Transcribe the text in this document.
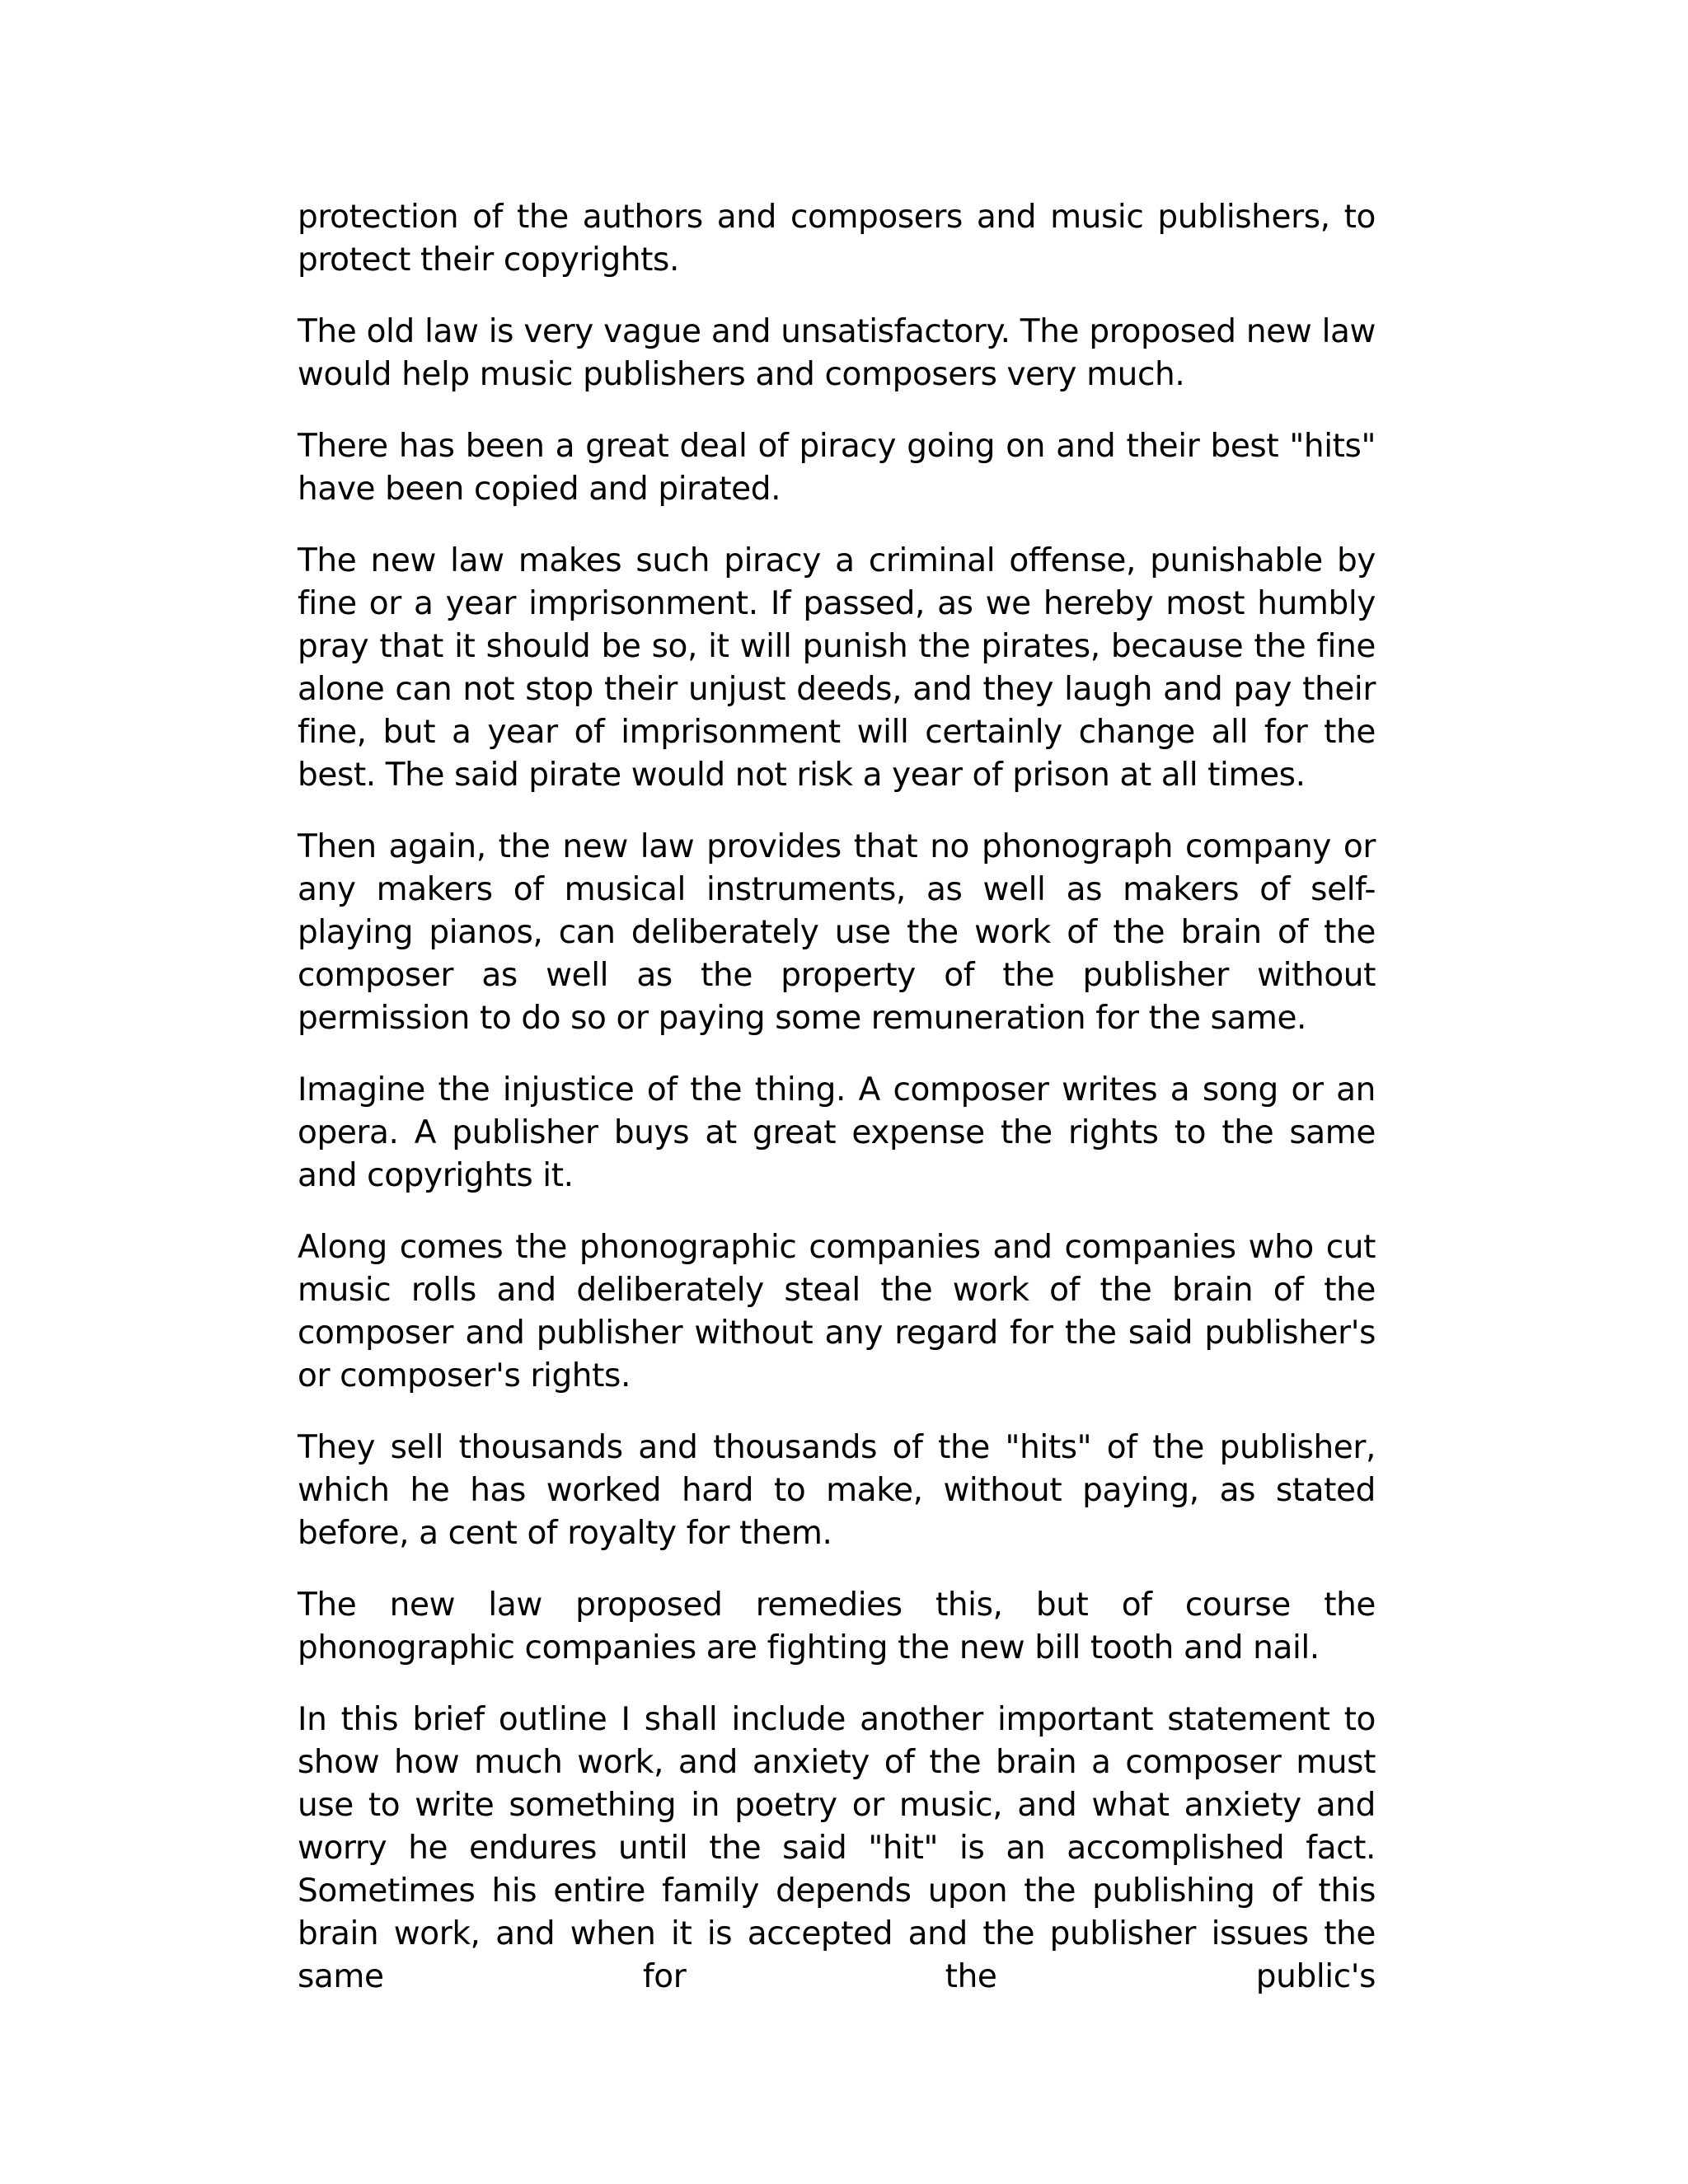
protection of the authors and composers and music publishers, to protect their copyrights.

The old law is very vague and unsatisfactory. The proposed new law would help music publishers and composers very much.

There has been a great deal of piracy going on and their best "hits" have been copied and pirated.

The new law makes such piracy a criminal offense, punishable by fine or a year imprisonment. If passed, as we hereby most humbly pray that it should be so, it will punish the pirates, because the fine alone can not stop their unjust deeds, and they laugh and pay their fine, but a year of imprisonment will certainly change all for the best. The said pirate would not risk a year of prison at all times.

Then again, the new law provides that no phonograph company or any makers of musical instruments, as well as makers of self-playing pianos, can deliberately use the work of the brain of the composer as well as the property of the publisher without permission to do so or paying some remuneration for the same.

Imagine the injustice of the thing. A composer writes a song or an opera. A publisher buys at great expense the rights to the same and copyrights it.

Along comes the phonographic companies and companies who cut music rolls and deliberately steal the work of the brain of the composer and publisher without any regard for the said publisher's or composer's rights.

They sell thousands and thousands of the "hits" of the publisher, which he has worked hard to make, without paying, as stated before, a cent of royalty for them.

The new law proposed remedies this, but of course the phonographic companies are fighting the new bill tooth and nail.

In this brief outline I shall include another important statement to show how much work, and anxiety of the brain a composer must use to write something in poetry or music, and what anxiety and worry he endures until the said "hit" is an accomplished fact. Sometimes his entire family depends upon the publishing of this brain work, and when it is accepted and the publisher issues the same for the public's
